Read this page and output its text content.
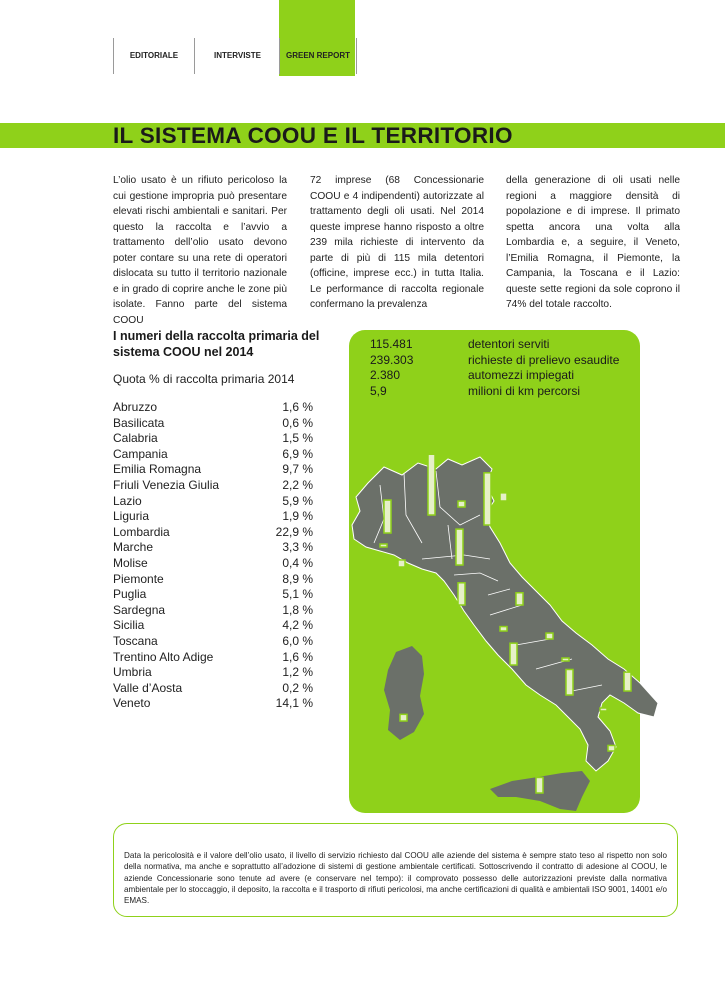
EDITORIALE	INTERVISTE	GREEN REPORT
IL SISTEMA COOU E IL TERRITORIO

L’olio usato è un rifiuto pericoloso la cui gestione impropria può presentare elevati rischi ambientali e sanitari. Per questo la raccolta e l’avvio a trattamento dell’olio usato devono poter contare su una rete di operatori dislocata su tutto il territorio nazionale e in grado di coprire anche le zone più isolate. Fanno parte del sistema COOU

72 imprese (68 Concessionarie COOU e 4 indipendenti) autorizzate al trattamento degli oli usati. Nel 2014 queste imprese hanno risposto a oltre 239 mila richieste di intervento da parte di più di 115 mila detentori (officine, imprese ecc.) in tutta Italia. Le performance di raccolta regionale confermano la prevalenza

della generazione di oli usati nelle regioni a maggiore densità di popolazione e di imprese. Il primato spetta ancora una volta alla Lombardia e, a seguire, il Veneto, l’Emilia Romagna, il Piemonte, la Campania, la Toscana e il Lazio: queste sette regioni da sole coprono il 74% del totale raccolto.

I numeri della raccolta primaria del sistema COOU nel 2014
Quota % di raccolta primaria 2014
Abruzzo	1,6 %
Basilicata	0,6 %
Calabria	1,5 %
Campania	6,9 %
Emilia Romagna	9,7 %
Friuli Venezia Giulia	2,2 %
Lazio	5,9 %
Liguria	1,9 %
Lombardia	22,9 %
Marche	3,3 %
Molise	0,4 %
Piemonte	8,9 %
Puglia	5,1 %
Sardegna	1,8 %
Sicilia	4,2 %
Toscana	6,0 %
Trentino Alto Adige	1,6 %
Umbria	1,2 %
Valle d’Aosta	0,2 %
Veneto	14,1 %
115.481	detentori serviti
239.303	richieste di prelievo esaudite
2.380	automezzi impiegati
5,9	milioni di km percorsi
Data la pericolosità e il valore dell’olio usato, il livello di servizio richiesto dal COOU alle aziende del sistema è sempre stato teso al rispetto non solo della normativa, ma anche e soprattutto all’adozione di sistemi di gestione ambientale certificati. Sottoscrivendo il contratto di adesione al COOU, le aziende Concessionarie sono tenute ad avere (e conservare nel tempo): il comprovato possesso delle autorizzazioni previste dalla normativa ambientale per lo stoccaggio, il deposito, la raccolta e il trasporto di rifiuti pericolosi, ma anche certificazioni di qualità e ambientali ISO 9001, 14001 e/o EMAS.
